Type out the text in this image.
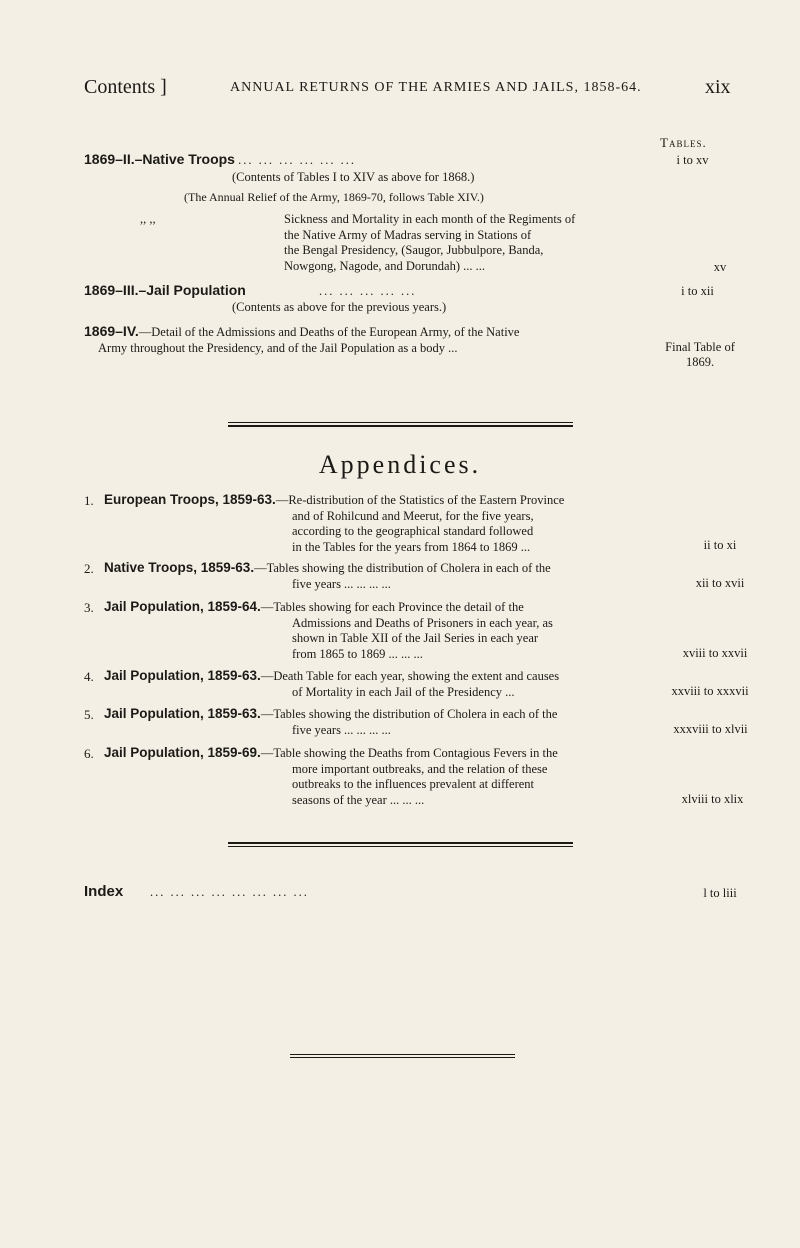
Contents ]	ANNUAL RETURNS OF THE ARMIES AND JAILS, 1858-64.	xix
Tables.
1869–II.–Native Troops ... ... ... ... ... ...	i to xv
(Contents of Tables I to XIV as above for 1868.)
(The Annual Relief of the Army, 1869-70, follows Table XIV.)
,, ,,	Sickness and Mortality in each month of the Regiments of
the Native Army of Madras serving in Stations of
the Bengal Presidency, (Saugor, Jubbulpore, Banda,
Nowgong, Nagode, and Dorundah) ... ...	xv
1869–III.–Jail Population	... ... ... ... ...	i to xii
(Contents as above for the previous years.)
1869–IV.—Detail of the Admissions and Deaths of the European Army, of the Native
Army throughout the Presidency, and of the Jail Population as a body ...	Final Table of
1869.
Appendices.
1. European Troops, 1859-63.—Re-distribution of the Statistics of the Eastern Province
and of Rohilcund and Meerut, for the five years,
according to the geographical standard followed
in the Tables for the years from 1864 to 1869 ...	ii to xi
2. Native Troops, 1859-63.—Tables showing the distribution of Cholera in each of the
five years ... ... ... ...	xii to xvii
3. Jail Population, 1859-64.—Tables showing for each Province the detail of the
Admissions and Deaths of Prisoners in each year, as
shown in Table XII of the Jail Series in each year
from 1865 to 1869 ... ... ...	xviii to xxvii
4. Jail Population, 1859-63.—Death Table for each year, showing the extent and causes
of Mortality in each Jail of the Presidency ...	xxviii to xxxvii
5. Jail Population, 1859-63.—Tables showing the distribution of Cholera in each of the
five years ... ... ... ...	xxxviii to xlvii
6. Jail Population, 1859-69.—Table showing the Deaths from Contagious Fevers in the
more important outbreaks, and the relation of these
outbreaks to the influences prevalent at different
seasons of the year ... ... ...	xlviii to xlix
Index ... ... ... ... ... ... ... ...	l to liii
